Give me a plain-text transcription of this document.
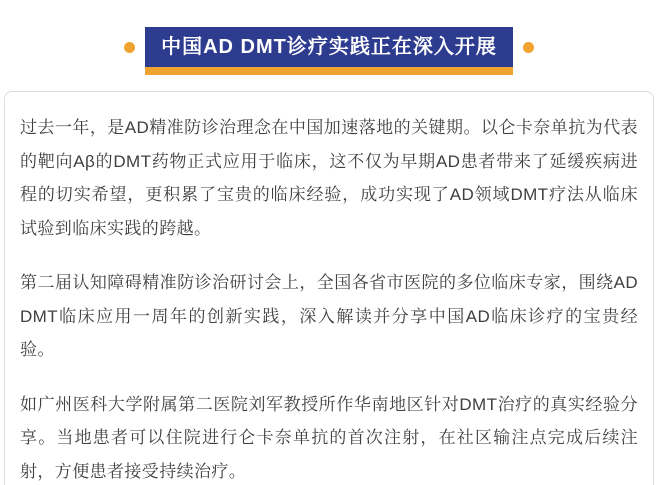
中国AD DMT诊疗实践正在深入开展

过去一年，是AD精准防诊治理念在中国加速落地的关键期。以仑卡奈单抗为代表的靶向Aβ的DMT药物正式应用于临床，这不仅为早期AD患者带来了延缓疾病进程的切实希望，更积累了宝贵的临床经验，成功实现了AD领域DMT疗法从临床试验到临床实践的跨越。

第二届认知障碍精准防诊治研讨会上，全国各省市医院的多位临床专家，围绕AD DMT临床应用一周年的创新实践，深入解读并分享中国AD临床诊疗的宝贵经验。

如广州医科大学附属第二医院刘军教授所作华南地区针对DMT治疗的真实经验分享。当地患者可以住院进行仑卡奈单抗的首次注射，在社区输注点完成后续注射，方便患者接受持续治疗。
